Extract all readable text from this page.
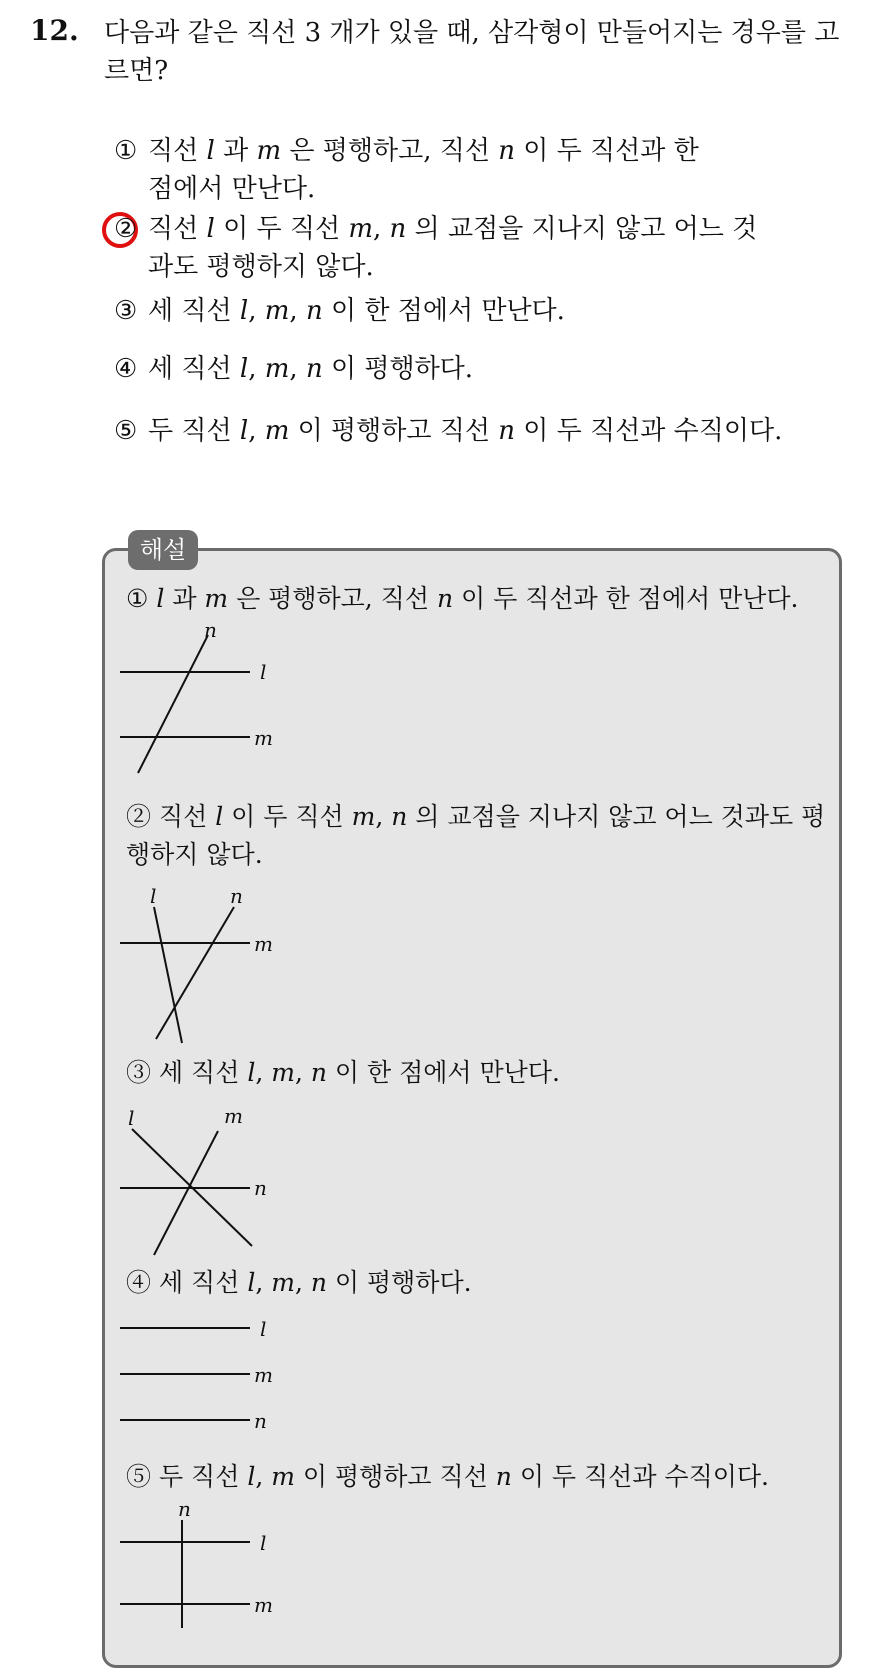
12. 다음과 같은 직선 3 개가 있을 때, 삼각형이 만들어지는 경우를 고르면?
① 직선 l 과 m 은 평행하고, 직선 n 이 두 직선과 한 점에서 만난다.
② 직선 l 이 두 직선 m, n 의 교점을 지나지 않고 어느 것과도 평행하지 않다.
③ 세 직선 l, m, n 이 한 점에서 만난다.
④ 세 직선 l, m, n 이 평행하다.
⑤ 두 직선 l, m 이 평행하고 직선 n 이 두 직선과 수직이다.
해설
① l 과 m 은 평행하고, 직선 n 이 두 직선과 한 점에서 만난다.
n
l
m
② 직선 l 이 두 직선 m, n 의 교점을 지나지 않고 어느 것과도 평행하지 않다.
l	n
m
③ 세 직선 l, m, n 이 한 점에서 만난다.
l	m
n
④ 세 직선 l, m, n 이 평행하다.
l
m
n
⑤ 두 직선 l, m 이 평행하고 직선 n 이 두 직선과 수직이다.
n
l
m
